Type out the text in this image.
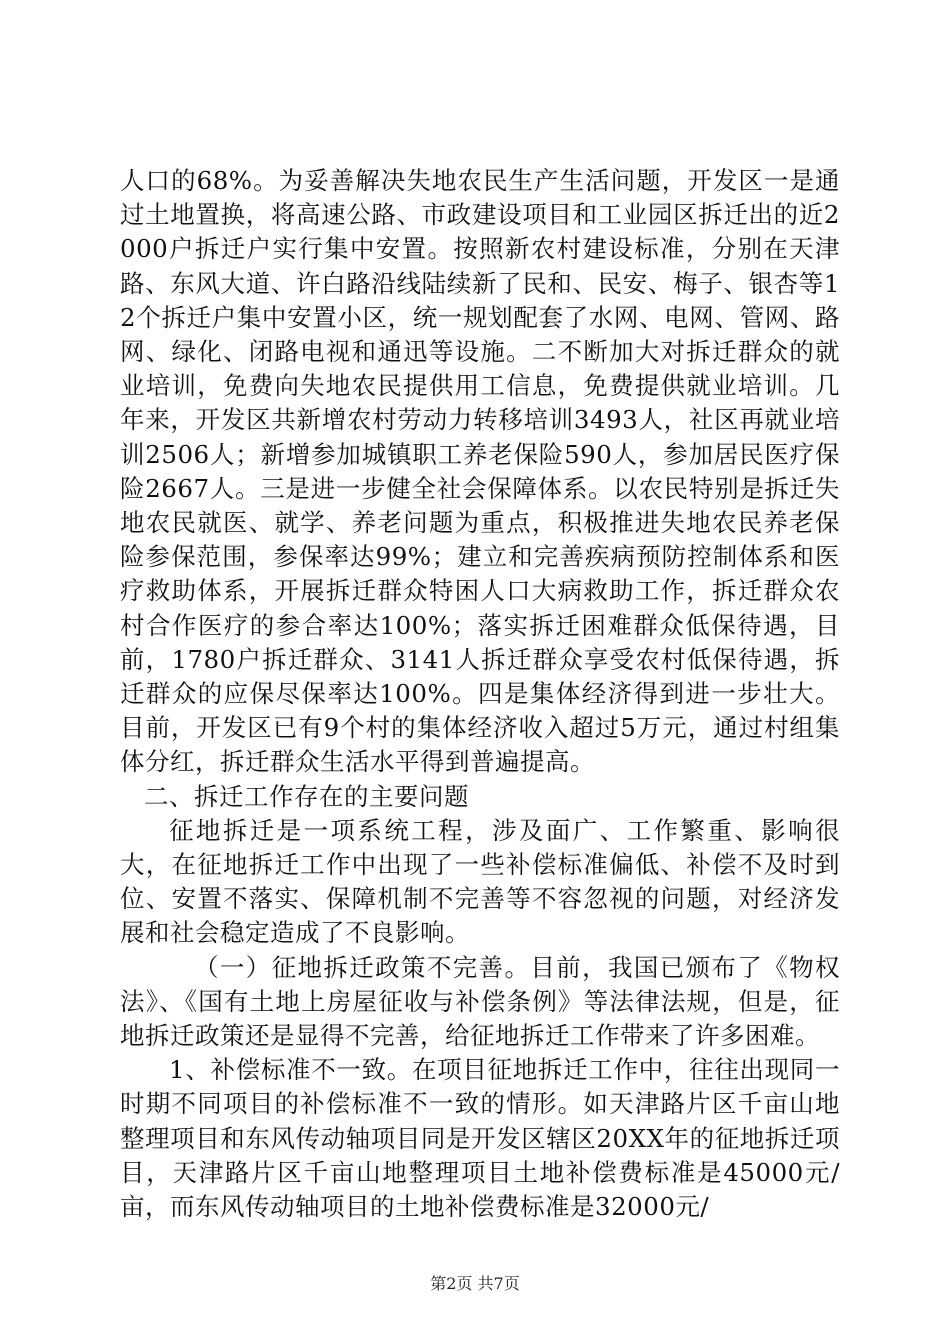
人口的68%。为妥善解决失地农民生产生活问题，开发区一是通过土地置换，将高速公路、市政建设项目和工业园区拆迁出的近2000户拆迁户实行集中安置。按照新农村建设标准，分别在天津路、东风大道、许白路沿线陆续新了民和、民安、梅子、银杏等12个拆迁户集中安置小区，统一规划配套了水网、电网、管网、路网、绿化、闭路电视和通迅等设施。二不断加大对拆迁群众的就业培训，免费向失地农民提供用工信息，免费提供就业培训。几年来，开发区共新增农村劳动力转移培训3493人，社区再就业培训2506人；新增参加城镇职工养老保险590人，参加居民医疗保险2667人。三是进一步健全社会保障体系。以农民特别是拆迁失地农民就医、就学、养老问题为重点，积极推进失地农民养老保险参保范围，参保率达99%；建立和完善疾病预防控制体系和医疗救助体系，开展拆迁群众特困人口大病救助工作，拆迁群众农村合作医疗的参合率达100%；落实拆迁困难群众低保待遇，目前，1780户拆迁群众、3141人拆迁群众享受农村低保待遇，拆迁群众的应保尽保率达100%。四是集体经济得到进一步壮大。目前，开发区已有9个村的集体经济收入超过5万元，通过村组集体分红，拆迁群众生活水平得到普遍提高。

二、拆迁工作存在的主要问题

征地拆迁是一项系统工程，涉及面广、工作繁重、影响很大，在征地拆迁工作中出现了一些补偿标准偏低、补偿不及时到位、安置不落实、保障机制不完善等不容忽视的问题，对经济发展和社会稳定造成了不良影响。

（一）征地拆迁政策不完善。目前，我国已颁布了《物权法》、《国有土地上房屋征收与补偿条例》等法律法规，但是，征地拆迁政策还是显得不完善，给征地拆迁工作带来了许多困难。

1、补偿标准不一致。在项目征地拆迁工作中，往往出现同一时期不同项目的补偿标准不一致的情形。如天津路片区千亩山地整理项目和东风传动轴项目同是开发区辖区20XX年的征地拆迁项目，天津路片区千亩山地整理项目土地补偿费标准是45000元/亩，而东风传动轴项目的土地补偿费标准是32000元/

第2页 共7页
